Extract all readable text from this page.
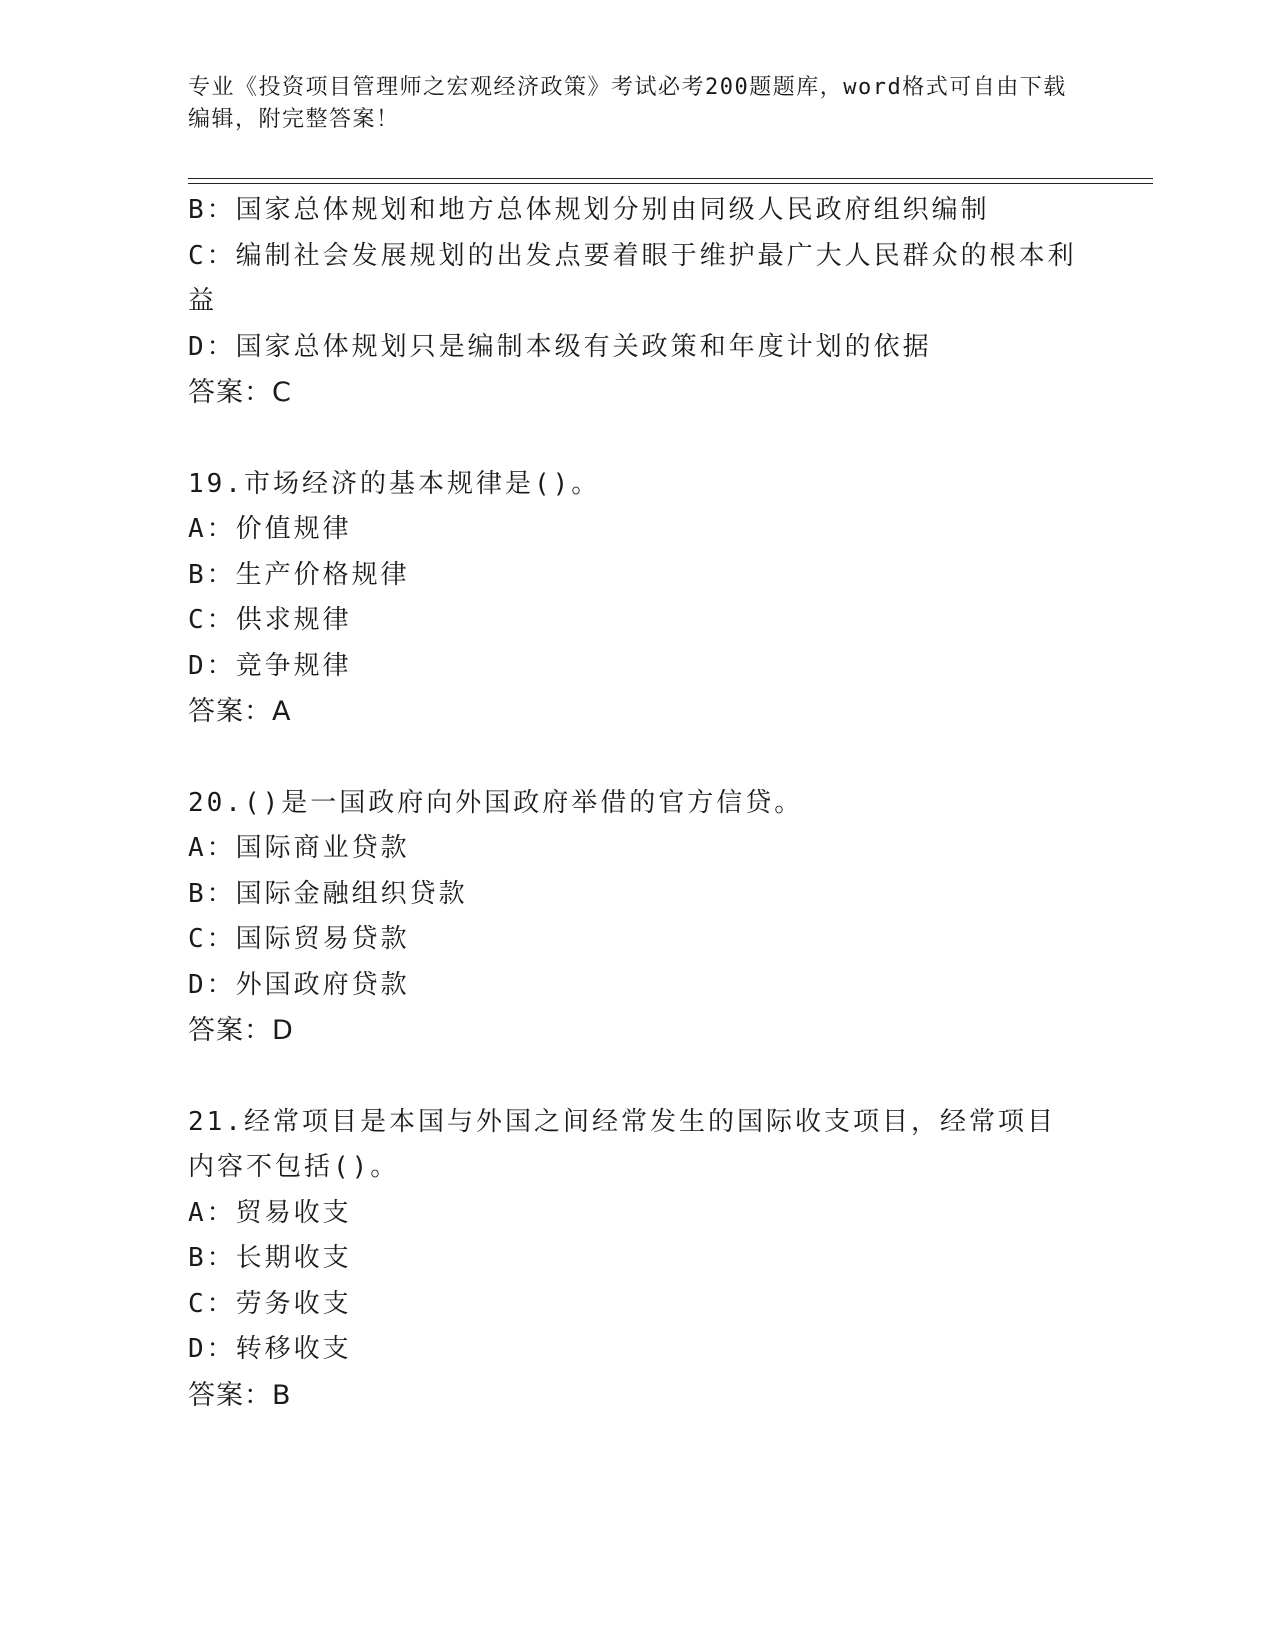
专业《投资项目管理师之宏观经济政策》考试必考200题题库，word格式可自由下载编辑，附完整答案！

B：国家总体规划和地方总体规划分别由同级人民政府组织编制

C：编制社会发展规划的出发点要着眼于维护最广大人民群众的根本利益

D：国家总体规划只是编制本级有关政策和年度计划的依据

答案：C

19.市场经济的基本规律是()。

A：价值规律

B：生产价格规律

C：供求规律

D：竞争规律

答案：A

20.()是一国政府向外国政府举借的官方信贷。

A：国际商业贷款

B：国际金融组织贷款

C：国际贸易贷款

D：外国政府贷款

答案：D

21.经常项目是本国与外国之间经常发生的国际收支项目，经常项目内容不包括()。

A：贸易收支

B：长期收支

C：劳务收支

D：转移收支

答案：B
